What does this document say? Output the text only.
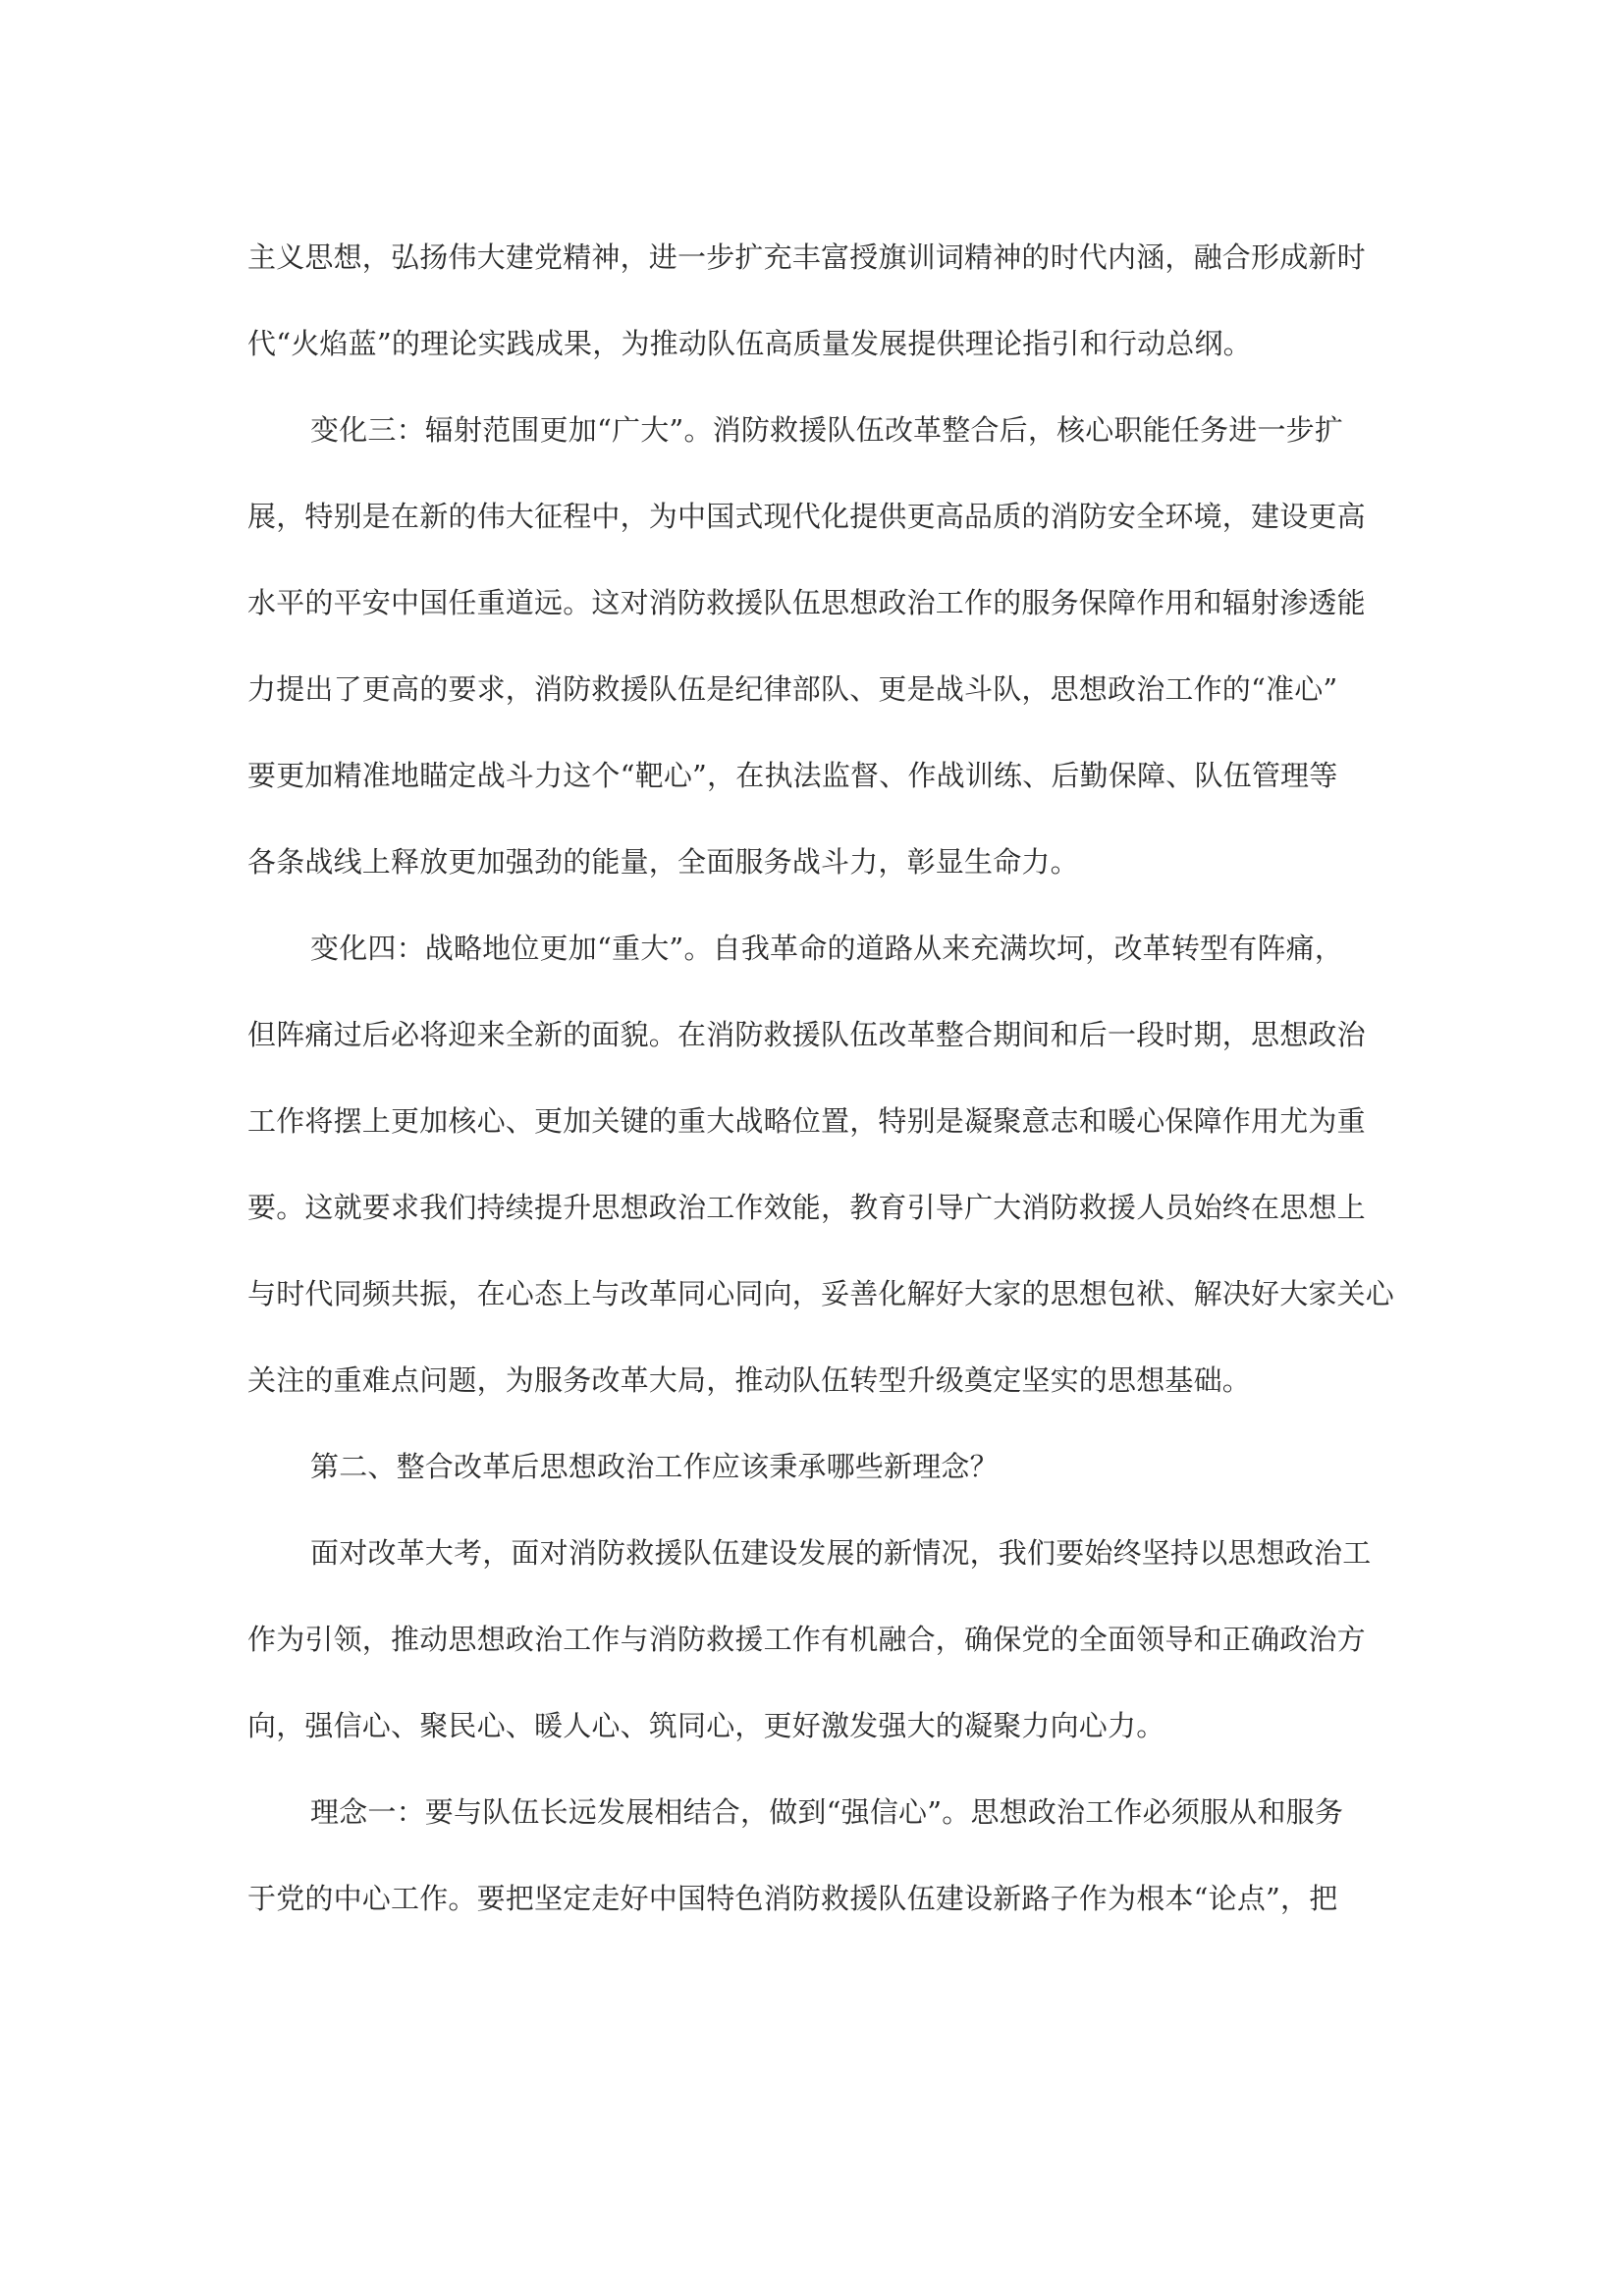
主义思想，弘扬伟大建党精神，进一步扩充丰富授旗训词精神的时代内涵，融合形成新时
代“火焰蓝”的理论实践成果，为推动队伍高质量发展提供理论指引和行动总纲。
变化三：辐射范围更加“广大”。消防救援队伍改革整合后，核心职能任务进一步扩
展，特别是在新的伟大征程中，为中国式现代化提供更高品质的消防安全环境，建设更高
水平的平安中国任重道远。这对消防救援队伍思想政治工作的服务保障作用和辐射渗透能
力提出了更高的要求，消防救援队伍是纪律部队、更是战斗队，思想政治工作的“准心”
要更加精准地瞄定战斗力这个“靶心”，在执法监督、作战训练、后勤保障、队伍管理等
各条战线上释放更加强劲的能量，全面服务战斗力，彰显生命力。
变化四：战略地位更加“重大”。自我革命的道路从来充满坎坷，改革转型有阵痛，
但阵痛过后必将迎来全新的面貌。在消防救援队伍改革整合期间和后一段时期，思想政治
工作将摆上更加核心、更加关键的重大战略位置，特别是凝聚意志和暖心保障作用尤为重
要。这就要求我们持续提升思想政治工作效能，教育引导广大消防救援人员始终在思想上
与时代同频共振，在心态上与改革同心同向，妥善化解好大家的思想包袱、解决好大家关心
关注的重难点问题，为服务改革大局，推动队伍转型升级奠定坚实的思想基础。
第二、整合改革后思想政治工作应该秉承哪些新理念？
面对改革大考，面对消防救援队伍建设发展的新情况，我们要始终坚持以思想政治工
作为引领，推动思想政治工作与消防救援工作有机融合，确保党的全面领导和正确政治方
向，强信心、聚民心、暖人心、筑同心，更好激发强大的凝聚力向心力。
理念一：要与队伍长远发展相结合，做到“强信心”。思想政治工作必须服从和服务
于党的中心工作。要把坚定走好中国特色消防救援队伍建设新路子作为根本“论点”，把
